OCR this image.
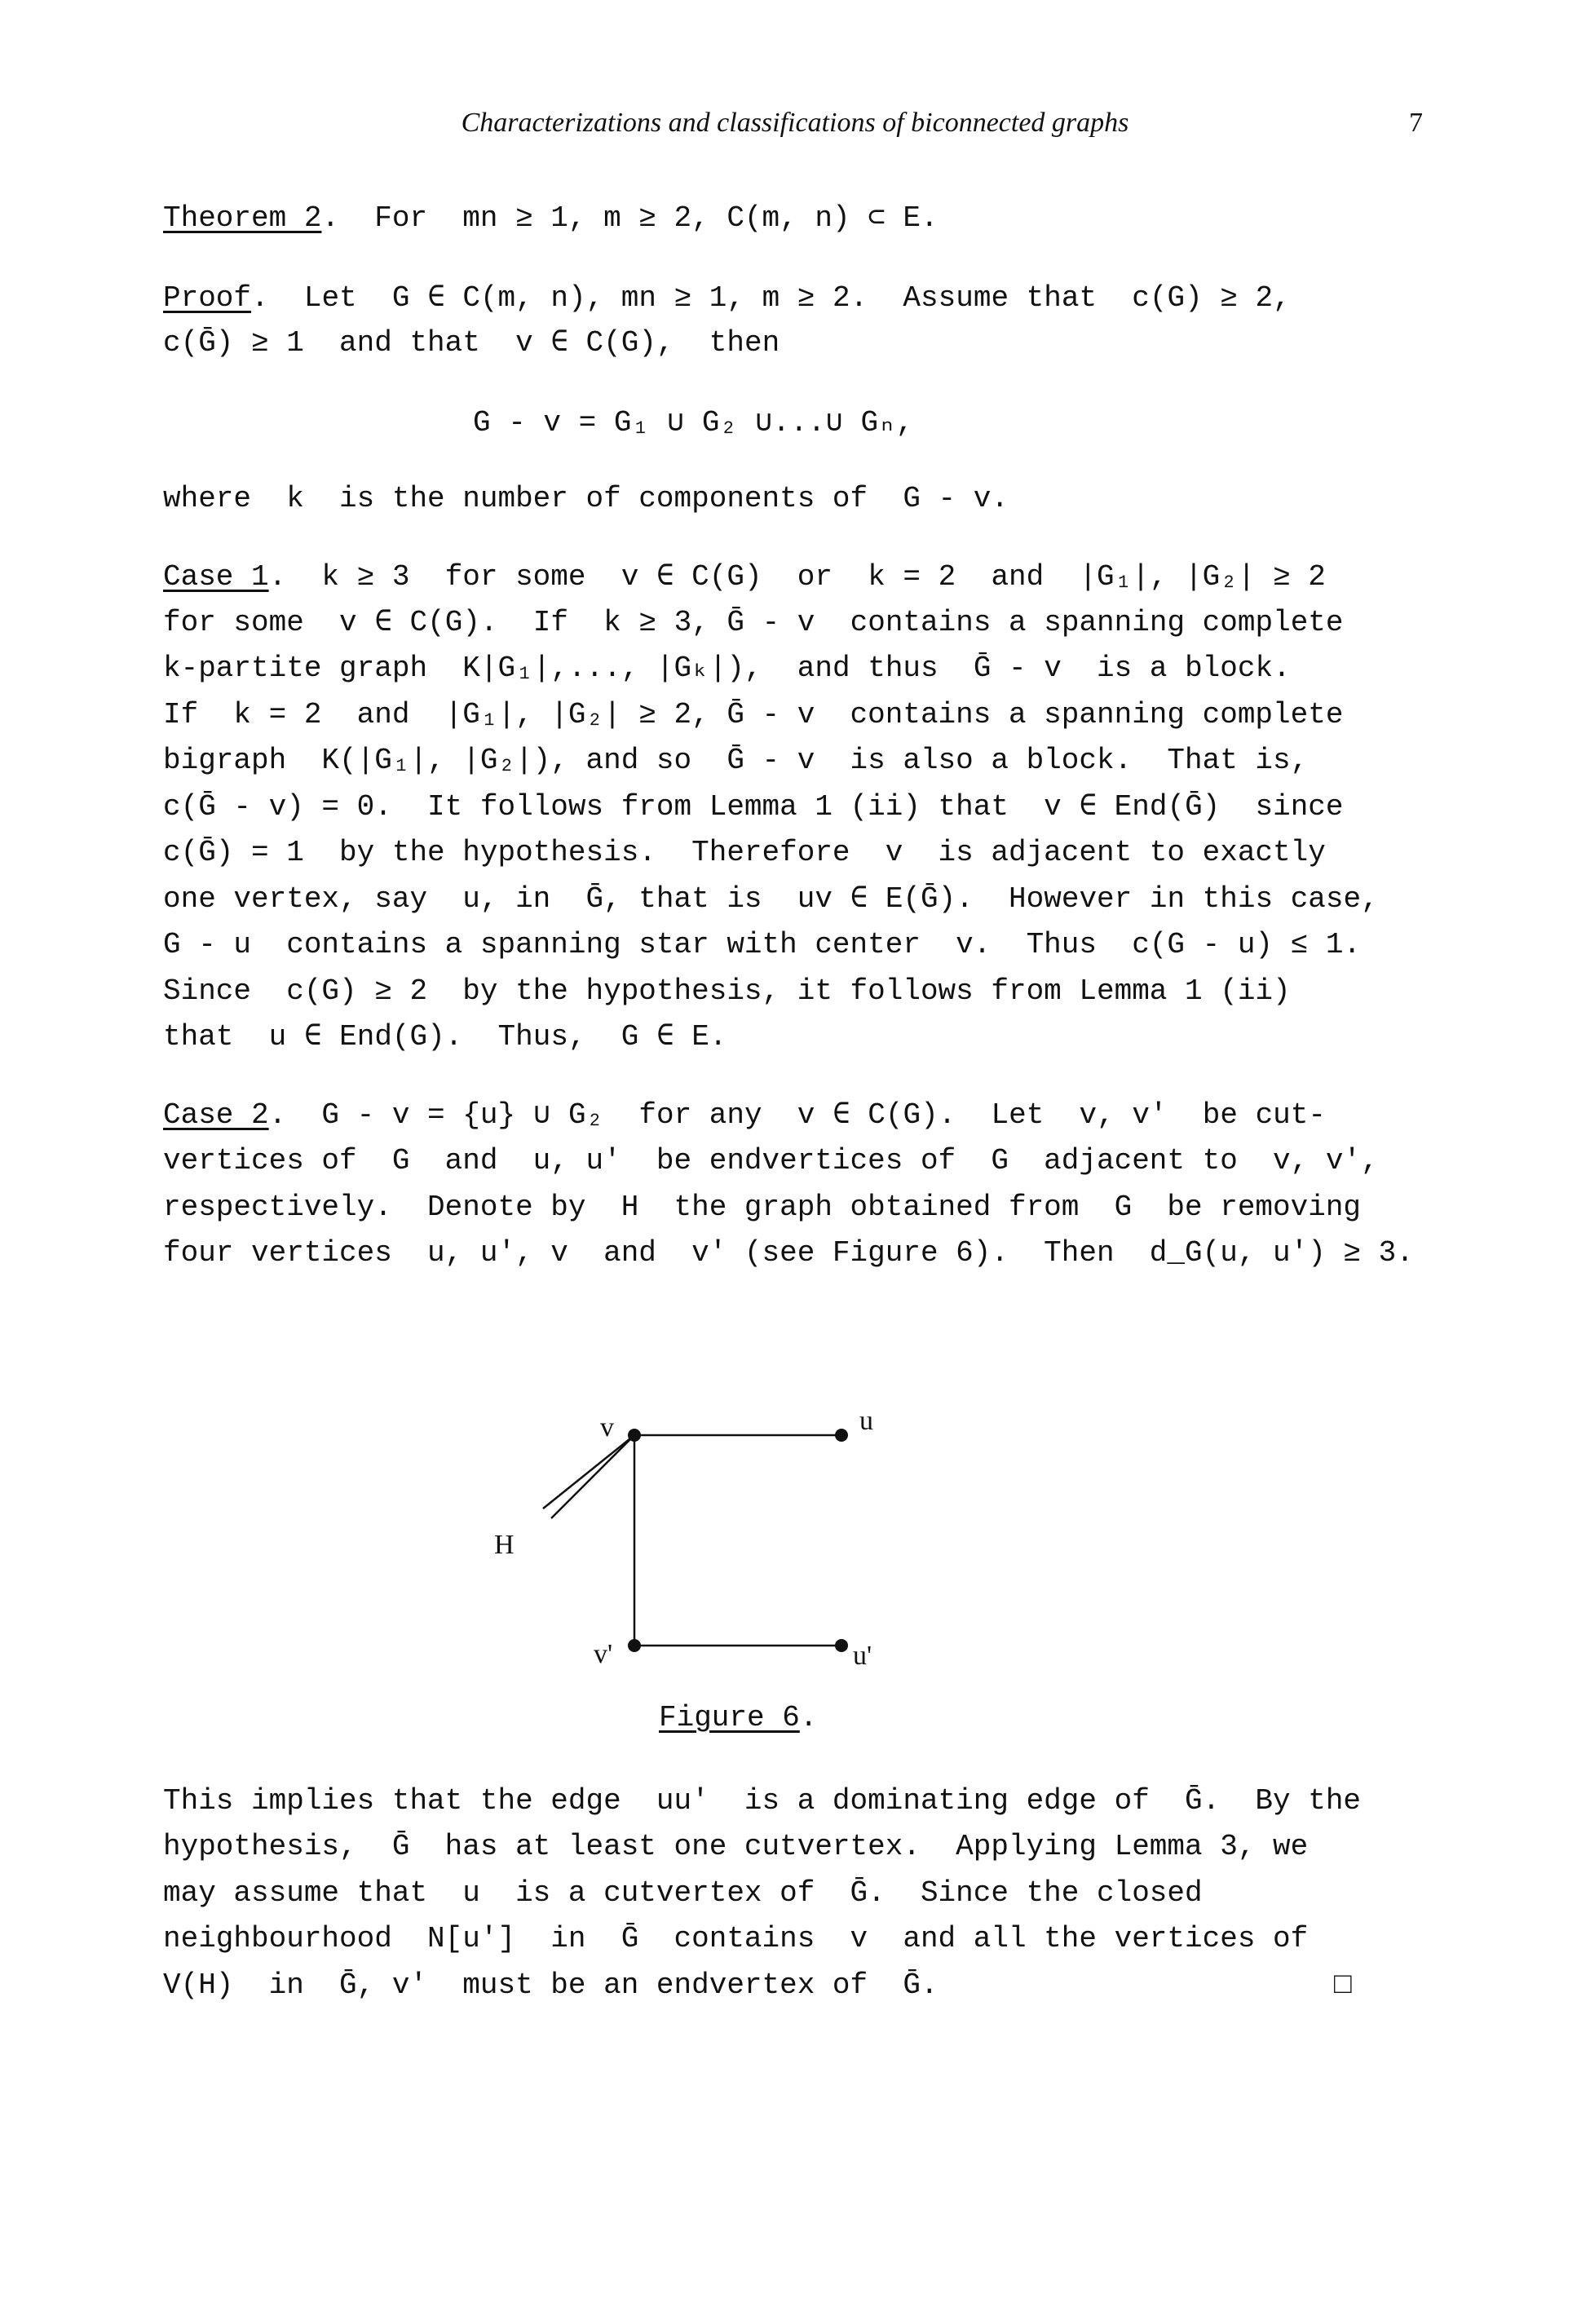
Characterizations and classifications of biconnected graphs	7
Theorem 2.  For  mn ≥ 1, m ≥ 2, C(m, n) ⊂ E.
Proof.  Let  G ∈ C(m, n), mn ≥ 1, m ≥ 2.  Assume that  c(G) ≥ 2,
c(Ḡ) ≥ 1  and that  v ∈ C(G),  then
G - v = G₁ ∪ G₂ ∪...∪ Gₙ,
where  k  is the number of components of  G - v.
Case 1.  k ≥ 3  for some  v ∈ C(G)  or  k = 2  and  |G₁|, |G₂| ≥ 2
for some  v ∈ C(G).  If  k ≥ 3, Ḡ - v  contains a spanning complete
k-partite graph  K|G₁|,..., |Gₖ|),  and thus  Ḡ - v  is a block.
If  k = 2  and  |G₁|, |G₂| ≥ 2, Ḡ - v  contains a spanning complete
bigraph  K(|G₁|, |G₂|), and so  Ḡ - v  is also a block.  That is,
c(Ḡ - v) = 0.  It follows from Lemma 1 (ii) that  v ∈ End(Ḡ)  since
c(Ḡ) = 1  by the hypothesis.  Therefore  v  is adjacent to exactly
one vertex, say  u, in  Ḡ, that is  uv ∈ E(Ḡ).  However in this case,
G - u  contains a spanning star with center  v.  Thus  c(G - u) ≤ 1.
Since  c(G) ≥ 2  by the hypothesis, it follows from Lemma 1 (ii)
that  u ∈ End(G).  Thus,  G ∈ E.
Case 2.  G - v = {u} ∪ G₂  for any  v ∈ C(G).  Let  v, v'  be cut-
vertices of  G  and  u, u'  be endvertices of  G  adjacent to  v, v',
respectively.  Denote by  H  the graph obtained from  G  be removing
four vertices  u, u', v  and  v' (see Figure 6).  Then  d_G(u, u') ≥ 3.
v	u
H
v'	u'
Figure 6.
This implies that the edge  uu'  is a dominating edge of  Ḡ.  By the
hypothesis,  Ḡ  has at least one cutvertex.  Applying Lemma 3, we
may assume that  u  is a cutvertex of  Ḡ.  Since the closed
neighbourhood  N[u']  in  Ḡ  contains  v  and all the vertices of
V(H)  in  Ḡ, v'  must be an endvertex of  Ḡ.	□
